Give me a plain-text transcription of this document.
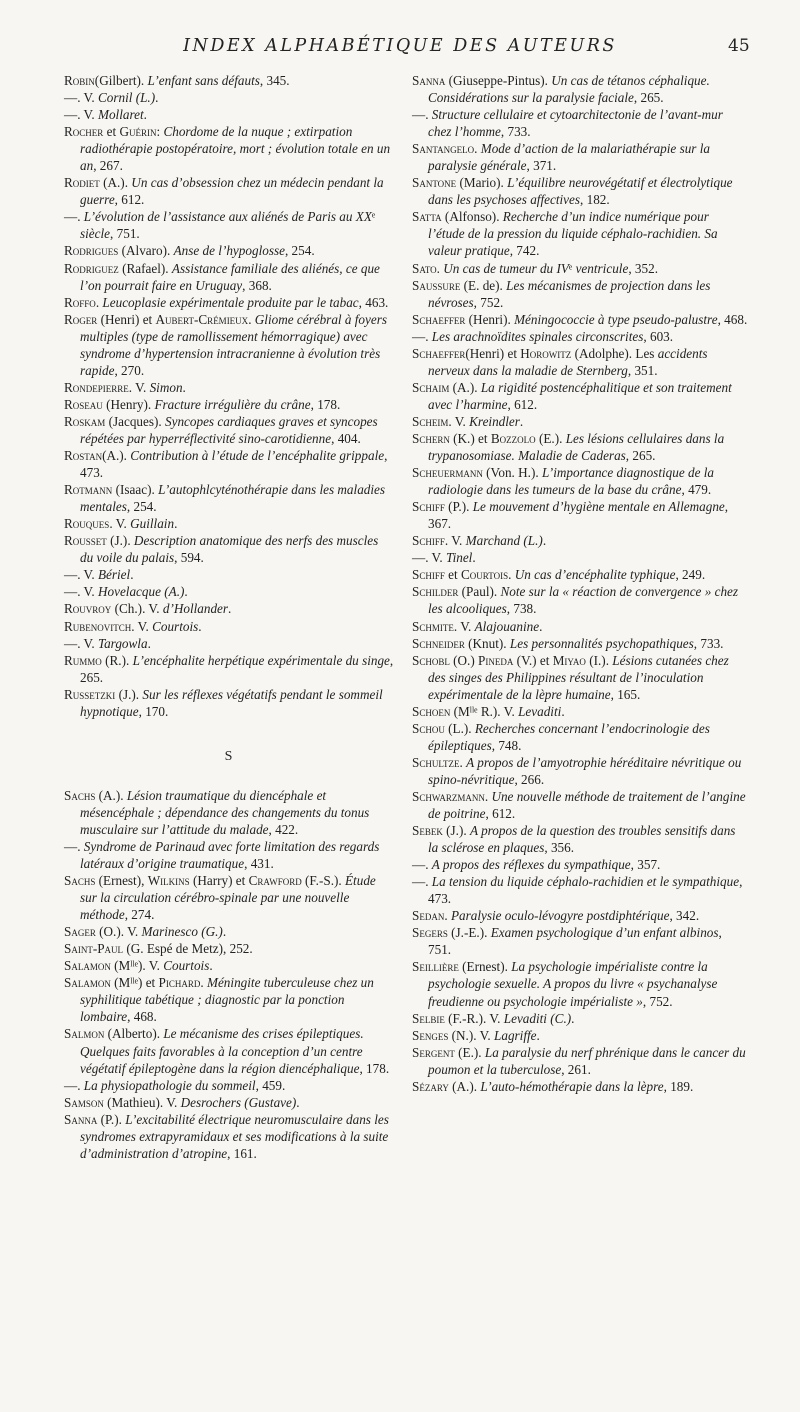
INDEX ALPHABÉTIQUE DES AUTEURS	45
Robin(Gilbert). L’enfant sans défauts, 345.
—. V. Cornil (L.).
—. V. Mollaret.
Rocher et Guérin: Chordome de la nuque ; extirpation radiothérapie postopératoire, mort ; évolution totale en un an, 267.
Rodiet (A.). Un cas d’obsession chez un médecin pendant la guerre, 612.
—. L’évolution de l’assistance aux aliénés de Paris au XXᵉ siècle, 751.
Rodrigues (Alvaro). Anse de l’hypoglosse, 254.
Rodriguez (Rafael). Assistance familiale des aliénés, ce que l’on pourrait faire en Uruguay, 368.
Roffo. Leucoplasie expérimentale produite par le tabac, 463.
Roger (Henri) et Aubert-Crémieux. Gliome cérébral à foyers multiples (type de ramollissement hémorragique) avec syndrome d’hypertension intracranienne à évolution très rapide, 270.
Rondepierre. V. Simon.
Roseau (Henry). Fracture irrégulière du crâne, 178.
Roskam (Jacques). Syncopes cardiaques graves et syncopes répétées par hyperréflectivité sino-carotidienne, 404.
Rostan(A.). Contribution à l’étude de l’encéphalite grippale, 473.
Rotmann (Isaac). L’autophlcyténothérapie dans les maladies mentales, 254.
Rouques. V. Guillain.
Rousset (J.). Description anatomique des nerfs des muscles du voile du palais, 594.
—. V. Bériel.
—. V. Hovelacque (A.).
Rouvroy (Ch.). V. d’Hollander.
Rubenovitch. V. Courtois.
—. V. Targowla.
Rummo (R.). L’encéphalite herpétique expérimentale du singe, 265.
Russetzki (J.). Sur les réflexes végétatifs pendant le sommeil hypnotique, 170.
S
Sachs (A.). Lésion traumatique du diencéphale et mésencéphale ; dépendance des changements du tonus musculaire sur l’attitude du malade, 422.
—. Syndrome de Parinaud avec forte limitation des regards latéraux d’origine traumatique, 431.
Sachs (Ernest), Wilkins (Harry) et Crawford (F.-S.). Étude sur la circulation cérébro-spinale par une nouvelle méthode, 274.
Sager (O.). V. Marinesco (G.).
Saint-Paul (G. Espé de Metz), 252.
Salamon (Mˡˡᵉ). V. Courtois.
Salamon (Mˡˡᵉ) et Pichard. Méningite tuberculeuse chez un syphilitique tabétique ; diagnostic par la ponction lombaire, 468.
Salmon (Alberto). Le mécanisme des crises épileptiques. Quelques faits favorables à la conception d’un centre végétatif épileptogène dans la région diencéphalique, 178.
—. La physiopathologie du sommeil, 459.
Samson (Mathieu). V. Desrochers (Gustave).
Sanna (P.). L’excitabilité électrique neuromusculaire dans les syndromes extrapyramidaux et ses modifications à la suite d’administration d’atropine, 161.
Sanna (Giuseppe-Pintus). Un cas de tétanos céphalique. Considérations sur la paralysie faciale, 265.
—. Structure cellulaire et cytoarchitectonie de l’avant-mur chez l’homme, 733.
Santangelo. Mode d’action de la malariathérapie sur la paralysie générale, 371.
Santone (Mario). L’équilibre neurovégétatif et électrolytique dans les psychoses affectives, 182.
Satta (Alfonso). Recherche d’un indice numérique pour l’étude de la pression du liquide céphalo-rachidien. Sa valeur pratique, 742.
Sato. Un cas de tumeur du IVᵉ ventricule, 352.
Saussure (E. de). Les mécanismes de projection dans les névroses, 752.
Schaeffer (Henri). Méningococcie à type pseudo-palustre, 468.
—. Les arachnoïdites spinales circonscrites, 603.
Schaeffer(Henri) et Horowitz (Adolphe). Les accidents nerveux dans la maladie de Sternberg, 351.
Schaim (A.). La rigidité postencéphalitique et son traitement avec l’harmine, 612.
Scheim. V. Kreindler.
Schern (K.) et Bozzolo (E.). Les lésions cellulaires dans la trypanosomiase. Maladie de Caderas, 265.
Scheuermann (Von. H.). L’importance diagnostique de la radiologie dans les tumeurs de la base du crâne, 479.
Schiff (P.). Le mouvement d’hygiène mentale en Allemagne, 367.
Schiff. V. Marchand (L.).
—. V. Tinel.
Schiff et Courtois. Un cas d’encéphalite typhique, 249.
Schilder (Paul). Note sur la « réaction de convergence » chez les alcooliques, 738.
Schmite. V. Alajouanine.
Schneider (Knut). Les personnalités psychopathiques, 733.
Schobl (O.) Pineda (V.) et Miyao (I.). Lésions cutanées chez des singes des Philippines résultant de l’inoculation expérimentale de la lèpre humaine, 165.
Schoen (Mˡˡᵉ R.). V. Levaditi.
Schou (L.). Recherches concernant l’endocrinologie des épileptiques, 748.
Schultze. A propos de l’amyotrophie héréditaire névritique ou spino-névritique, 266.
Schwarzmann. Une nouvelle méthode de traitement de l’angine de poitrine, 612.
Sebek (J.). A propos de la question des troubles sensitifs dans la sclérose en plaques, 356.
—. A propos des réflexes du sympathique, 357.
—. La tension du liquide céphalo-rachidien et le sympathique, 473.
Sedan. Paralysie oculo-lévogyre postdiphtérique, 342.
Segers (J.-E.). Examen psychologique d’un enfant albinos, 751.
Seillière (Ernest). La psychologie impérialiste contre la psychologie sexuelle. A propos du livre « psychanalyse freudienne ou psychologie impérialiste », 752.
Selbie (F.-R.). V. Levaditi (C.).
Senges (N.). V. Lagriffe.
Sergent (E.). La paralysie du nerf phrénique dans le cancer du poumon et la tuberculose, 261.
Sézary (A.). L’auto-hémothérapie dans la lèpre, 189.
